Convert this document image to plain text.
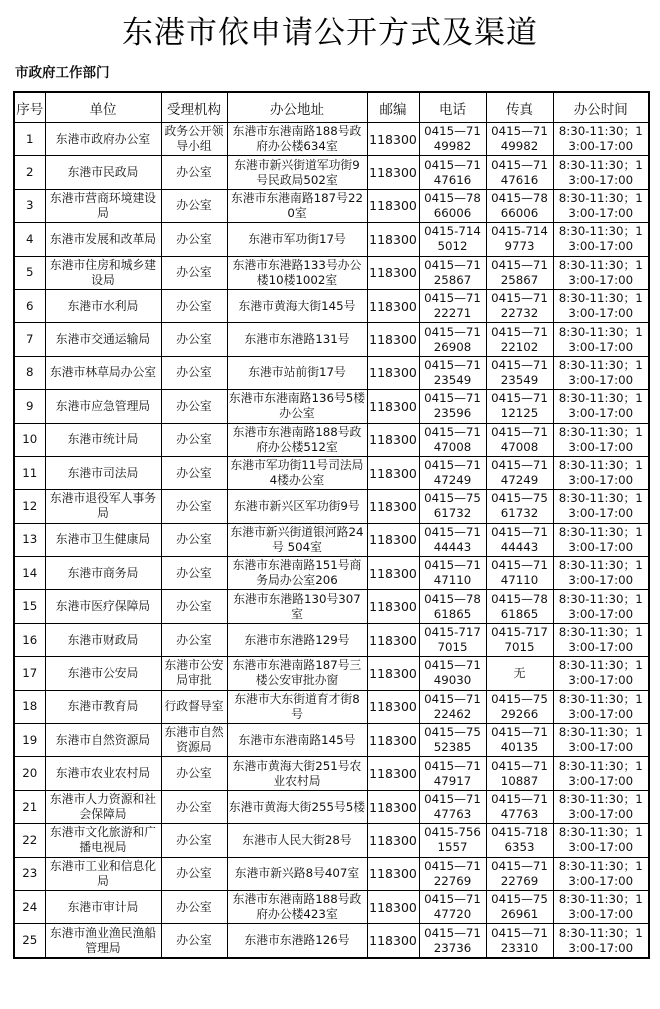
东港市依申请公开方式及渠道
市政府工作部门
序号	单位	受理机构	办公地址	邮编	电话	传真	办公时间
1	东港市政府办公室	政务公开领导小组	东港市东港南路188号政府办公楼634室	118300	0415—7149982	0415—7149982	8:30-11:30；13:00-17:00
2	东港市民政局	办公室	东港市新兴街道军功街9号民政局502室	118300	0415—7147616	0415—7147616	8:30-11:30；13:00-17:00
3	东港市营商环境建设局	办公室	东港市东港南路187号220室	118300	0415—7866006	0415—7866006	8:30-11:30；13:00-17:00
4	东港市发展和改革局	办公室	东港市军功街17号	118300	0415-7145012	0415-7149773	8:30-11:30；13:00-17:00
5	东港市住房和城乡建设局	办公室	东港市东港路133号办公楼10楼1002室	118300	0415—7125867	0415—7125867	8:30-11:30；13:00-17:00
6	东港市水利局	办公室	东港市黄海大街145号	118300	0415—7122271	0415—7122732	8:30-11:30；13:00-17:00
7	东港市交通运输局	办公室	东港市东港路131号	118300	0415—7126908	0415—7122102	8:30-11:30；13:00-17:00
8	东港市林草局办公室	办公室	东港市站前街17号	118300	0415—7123549	0415—7123549	8:30-11:30；13:00-17:00
9	东港市应急管理局	办公室	东港市东港南路136号5楼办公室	118300	0415—7123596	0415—7112125	8:30-11:30；13:00-17:00
10	东港市统计局	办公室	东港市东港南路188号政府办公楼512室	118300	0415—7147008	0415—7147008	8:30-11:30；13:00-17:00
11	东港市司法局	办公室	东港市军功街11号司法局4楼办公室	118300	0415—7147249	0415—7147249	8:30-11:30；13:00-17:00
12	东港市退役军人事务局	办公室	东港市新兴区军功街9号	118300	0415—7561732	0415—7561732	8:30-11:30；13:00-17:00
13	东港市卫生健康局	办公室	东港市新兴街道银河路24号 504室	118300	0415—7144443	0415—7144443	8:30-11:30；13:00-17:00
14	东港市商务局	办公室	东港市东港南路151号商务局办公室206	118300	0415—7147110	0415—7147110	8:30-11:30；13:00-17:00
15	东港市医疗保障局	办公室	东港市东港路130号307室	118300	0415—7861865	0415—7861865	8:30-11:30；13:00-17:00
16	东港市财政局	办公室	东港市东港路129号	118300	0415-7177015	0415-7177015	8:30-11:30；13:00-17:00
17	东港市公安局	东港市公安局审批	东港市东港南路187号三楼公安审批办窗	118300	0415—7149030	无	8:30-11:30；13:00-17:00
18	东港市教育局	行政督导室	东港市大东街道育才街8号	118300	0415—7122462	0415—7529266	8:30-11:30；13:00-17:00
19	东港市自然资源局	东港市自然资源局	东港市东港南路145号	118300	0415—7552385	0415—7140135	8:30-11:30；13:00-17:00
20	东港市农业农村局	办公室	东港市黄海大街251号农业农村局	118300	0415—7147917	0415—7110887	8:30-11:30；13:00-17:00
21	东港市人力资源和社会保障局	办公室	东港市黄海大街255号5楼	118300	0415—7147763	0415—7147763	8:30-11:30；13:00-17:00
22	东港市文化旅游和广播电视局	办公室	东港市人民大街28号	118300	0415-7561557	0415-7186353	8:30-11:30；13:00-17:00
23	东港市工业和信息化局	办公室	东港市新兴路8号407室	118300	0415—7122769	0415—7122769	8:30-11:30；13:00-17:00
24	东港市审计局	办公室	东港市东港南路188号政府办公楼423室	118300	0415—7147720	0415—7526961	8:30-11:30；13:00-17:00
25	东港市渔业渔民渔船管理局	办公室	东港市东港路126号	118300	0415—7123736	0415—7123310	8:30-11:30；13:00-17:00
